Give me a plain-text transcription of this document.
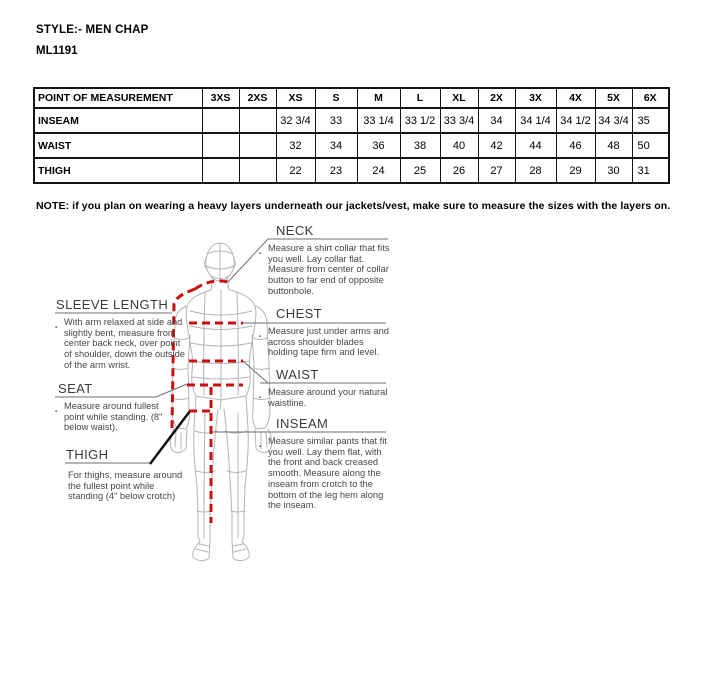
STYLE:- MEN CHAP
ML1191
POINT OF MEASUREMENT	3XS	2XS	XS	S	M	L	XL	2X	3X	4X	5X	6X
INSEAM			32 3/4	33	33 1/4	33 1/2	33 3/4	34	34 1/4	34 1/2	34 3/4	35
WAIST			32	34	36	38	40	42	44	46	48	50
THIGH			22	23	24	25	26	27	28	29	30	31
NOTE: if you plan on wearing a heavy layers underneath our jackets/vest, make sure to measure the sizes with the layers on.
NECK
▪
Measure a shirt collar that fits you well. Lay collar flat. Measure from center of collar button to far end of opposite buttonhole.
CHEST
▪
Measure just under arms and across shoulder blades holding tape firm and level.
WAIST
▪
Measure around your natural waistline.
INSEAM
▪
Measure similar pants that fit you well. Lay them flat, with the front and back creased smooth. Measure along the inseam from crotch to the bottom of the leg hem along the inseam.
SLEEVE LENGTH
▪
With arm relaxed at side and slightly bent, measure from center back neck, over point of shoulder, down the outside of the arm wrist.
SEAT
▪
Measure around fullest point while standing. (8" below waist).
THIGH
For thighs, measure around the fullest point while standing (4" below crotch)
